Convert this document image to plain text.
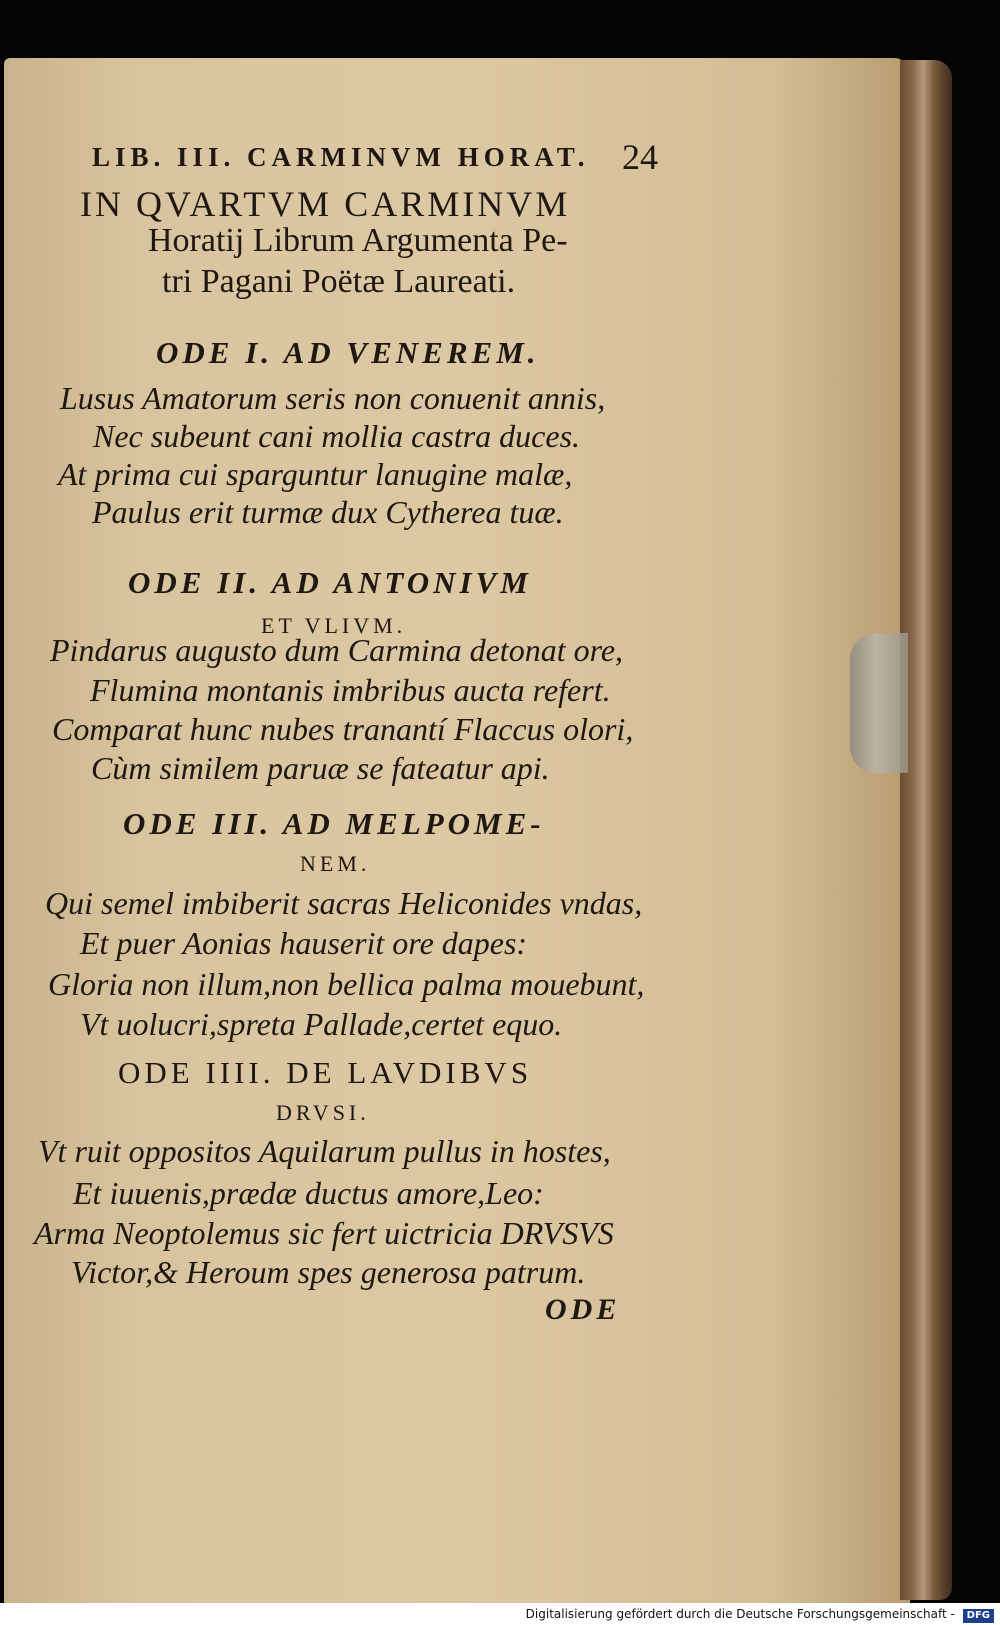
LIB. III. CARMINVM HORAT. 24
IN QVARTVM CARMINVM
Horatij Librum Argumenta Pe-
tri Pagani Poëtæ Laureati.
ODE I. AD VENEREM.
Lusus Amatorum seris non conuenit annis,
Nec subeunt cani mollia castra duces.
At prima cui sparguntur lanugine malæ,
Paulus erit turmæ dux Cytherea tuæ.
ODE II. AD ANTONIVM
ET VLIVM.
Pindarus augusto dum Carmina detonat ore,
Flumina montanis imbribus aucta refert.
Comparat hunc nubes tranantí Flaccus olori,
Cùm similem paruæ se fateatur api.
ODE III. AD MELPOME-
NEM.
Qui semel imbiberit sacras Heliconides vndas,
Et puer Aonias hauserit ore dapes:
Gloria non illum,non bellica palma mouebunt,
Vt uolucri,spreta Pallade,certet equo.
ODE IIII. DE LAVDIBVS
DRVSI.
Vt ruit oppositos Aquilarum pullus in hostes,
Et iuuenis,prædæ ductus amore,Leo:
Arma Neoptolemus sic fert uictricia DRVSVS
Victor,& Heroum spes generosa patrum.
ODE
Digitalisierung gefördert durch die Deutsche Forschungsgemeinschaft - DFG
